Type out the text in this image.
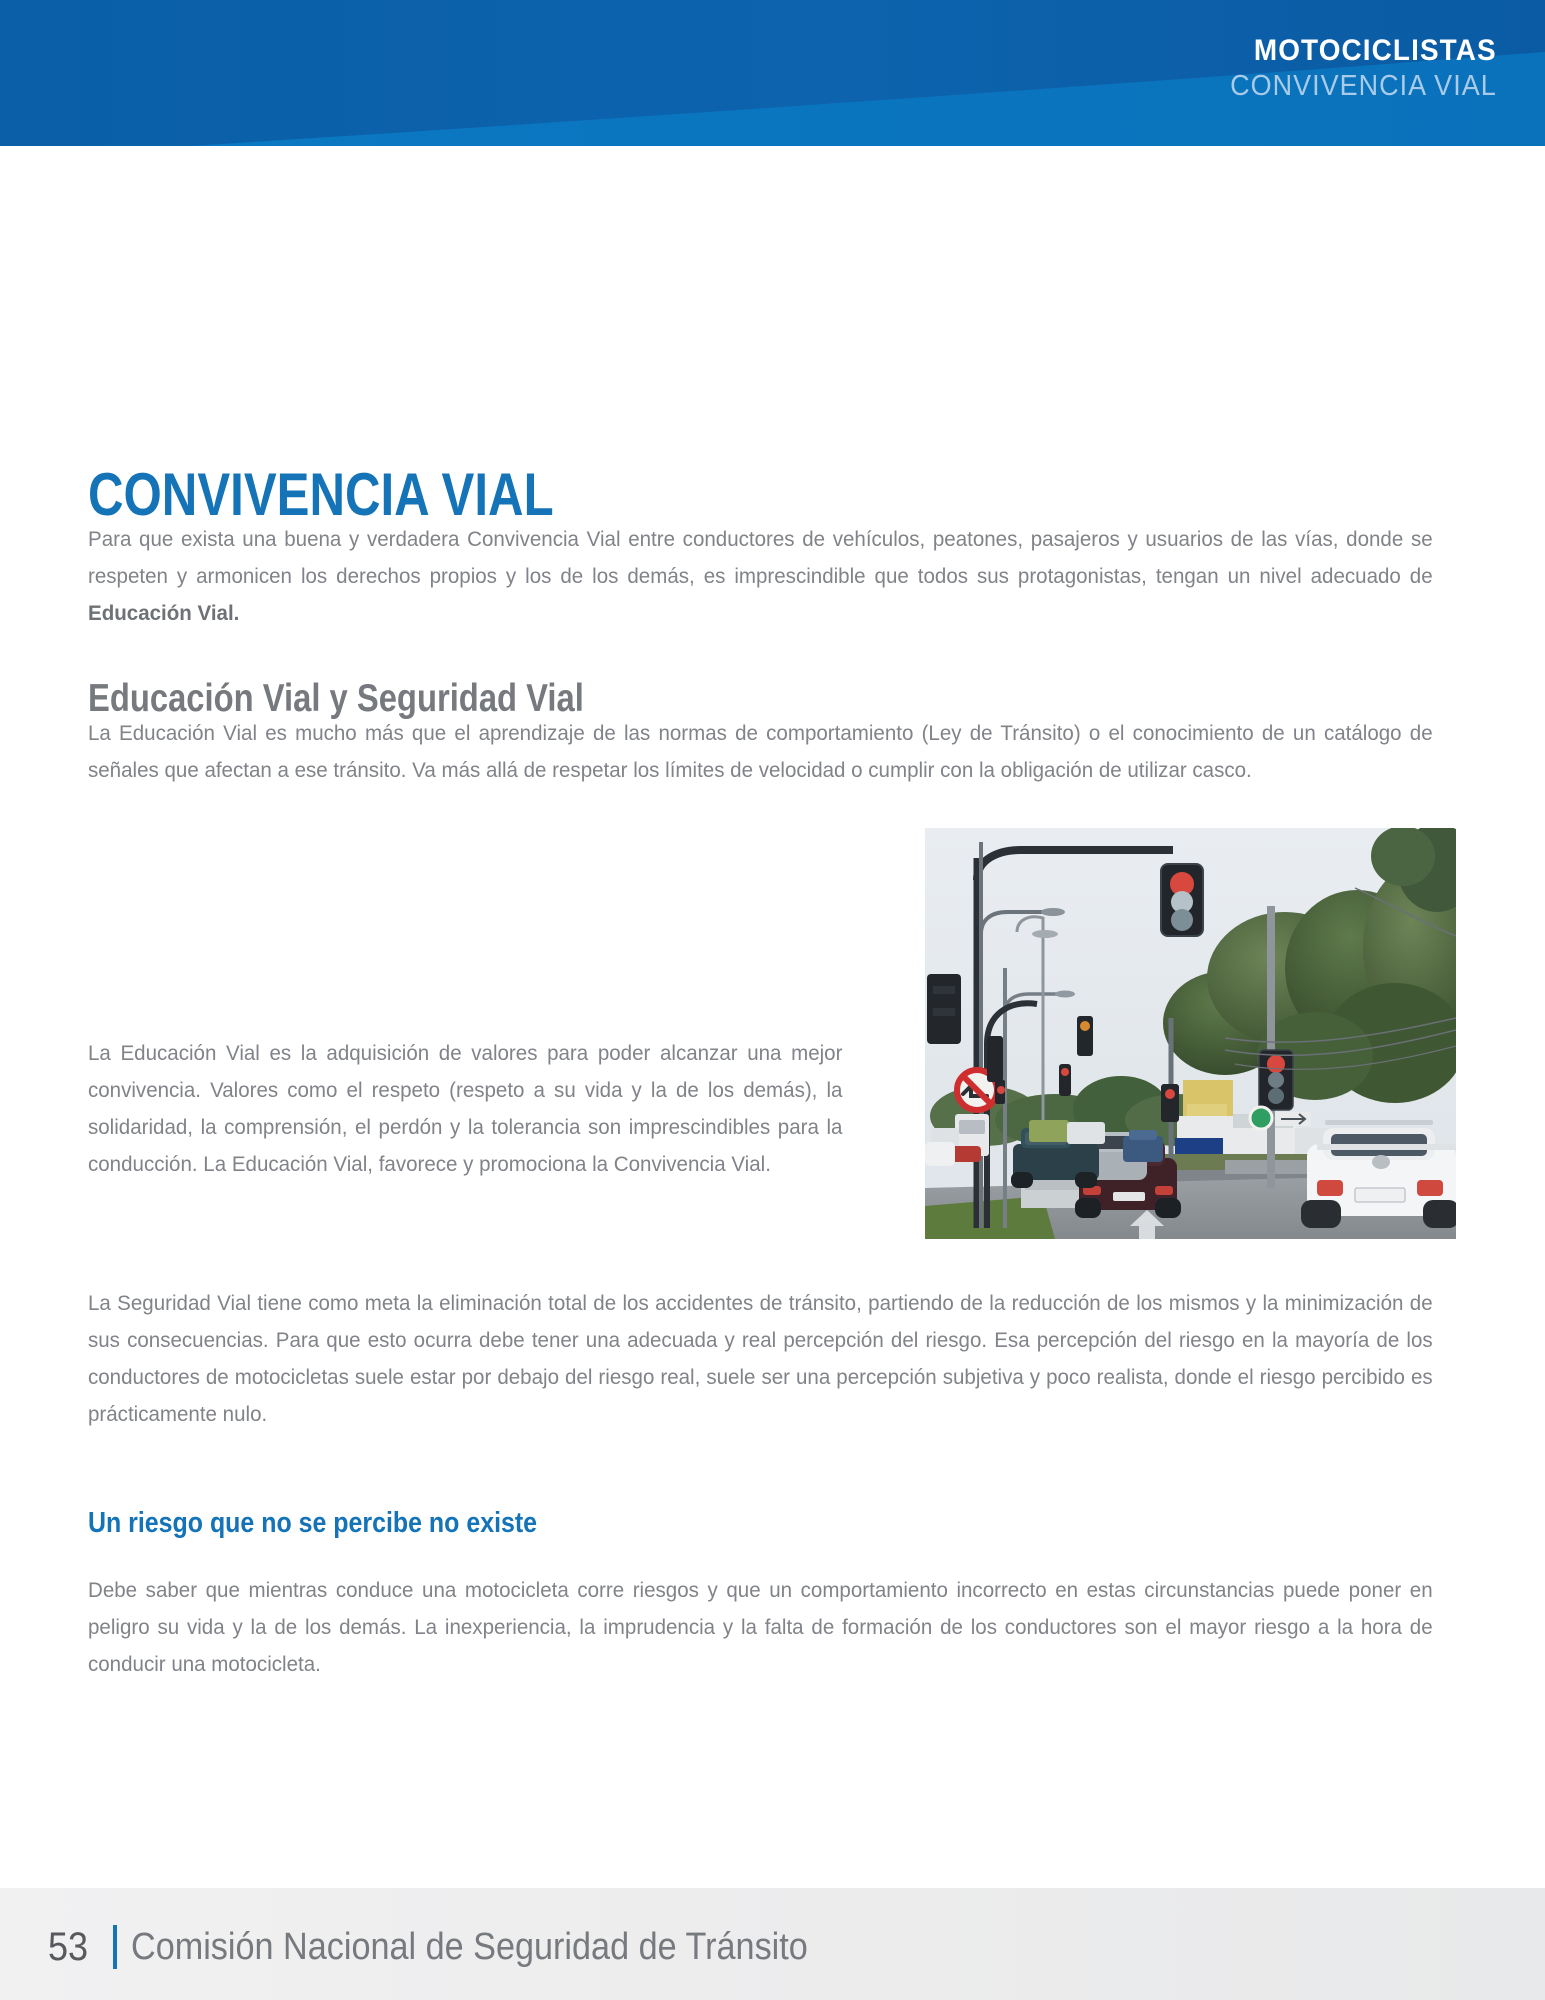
MOTOCICLISTAS
CONVIVENCIA VIAL
CONVIVENCIA VIAL

Para que exista una buena y verdadera Convivencia Vial entre conductores de vehículos, peatones, pasajeros y usuarios de las vías, donde se respeten y armonicen los derechos propios y los de los demás, es imprescindible que todos sus protagonistas, tengan un nivel adecuado de Educación Vial.

Educación Vial y Seguridad Vial

La Educación Vial es mucho más que el aprendizaje de las normas de comportamiento (Ley de Tránsito) o el conocimiento de un catálogo de señales que afectan a ese tránsito. Va más allá de respetar los límites de velocidad o cumplir con la obligación de utilizar casco.

La Educación Vial es la adquisición de valores para poder alcanzar una mejor convivencia. Valores como el respeto (respeto a su vida y la de los demás), la solidaridad, la comprensión, el perdón y la tolerancia son imprescindibles para la conducción. La Educación Vial, favorece y promociona la Convivencia Vial.

La Seguridad Vial tiene como meta la eliminación total de los accidentes de tránsito, partiendo de la reducción de los mismos y la minimización de sus consecuencias. Para que esto ocurra debe tener una adecuada y real percepción del riesgo. Esa percepción del riesgo en la mayoría de los conductores de motocicletas suele estar por debajo del riesgo real, suele ser una percepción subjetiva y poco realista, donde el riesgo percibido es prácticamente nulo.

Un riesgo que no se percibe no existe

Debe saber que mientras conduce una motocicleta corre riesgos y que un comportamiento incorrecto en estas circunstancias puede poner en peligro su vida y la de los demás. La inexperiencia, la imprudencia y la falta de formación de los conductores son el mayor riesgo a la hora de conducir una motocicleta.

53 Comisión Nacional de Seguridad de Tránsito
